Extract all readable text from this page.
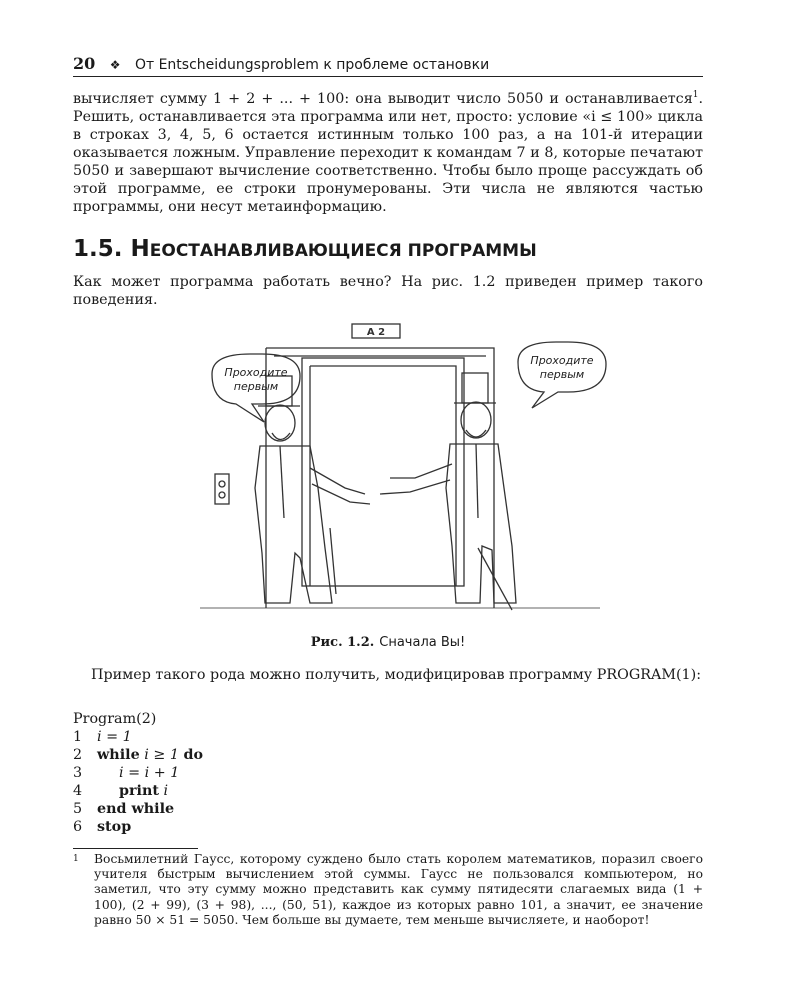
20 ❖ От Entscheidungsproblem к проблеме остановки

вычисляет сумму 1 + 2 + ... + 100: она выводит число 5050 и останавливается$^1$. Решить, останавливается эта программа или нет, просто: условие «i ≤ 100» цикла в строках 3, 4, 5, 6 остается истинным только 100 раз, а на 101-й итерации оказывается ложным. Управление переходит к командам 7 и 8, которые печатают 5050 и завершают вычисление соответственно. Чтобы было проще рассуждать об этой программе, ее строки пронумерованы. Эти числа не являются частью программы, они несут метаинформацию.

1.5. НЕОСТАНАВЛИВАЮЩИЕСЯ ПРОГРАММЫ

Как может программа работать вечно? На рис. 1.2 приведен пример такого поведения.

A 2
Проходите
первым
Проходите
первым
Рис. 1.2. Сначала Вы!

Пример такого рода можно получить, модифицировав программу PROGRAM(1):

Program(2)
1 i = 1
2 while i ≥ 1 do
3	i = i + 1
4	print i
5 end while
6 stop
1 Восьмилетний Гаусс, которому суждено было стать королем математиков, поразил своего учителя быстрым вычислением этой суммы. Гаусс не пользовался компьютером, но заметил, что эту сумму можно представить как сумму пятидесяти слагаемых вида (1 + 100), (2 + 99), (3 + 98), ..., (50, 51), каждое из которых равно 101, а значит, ее значение равно 50 × 51 = 5050. Чем больше вы думаете, тем меньше вычисляете, и наоборот!
